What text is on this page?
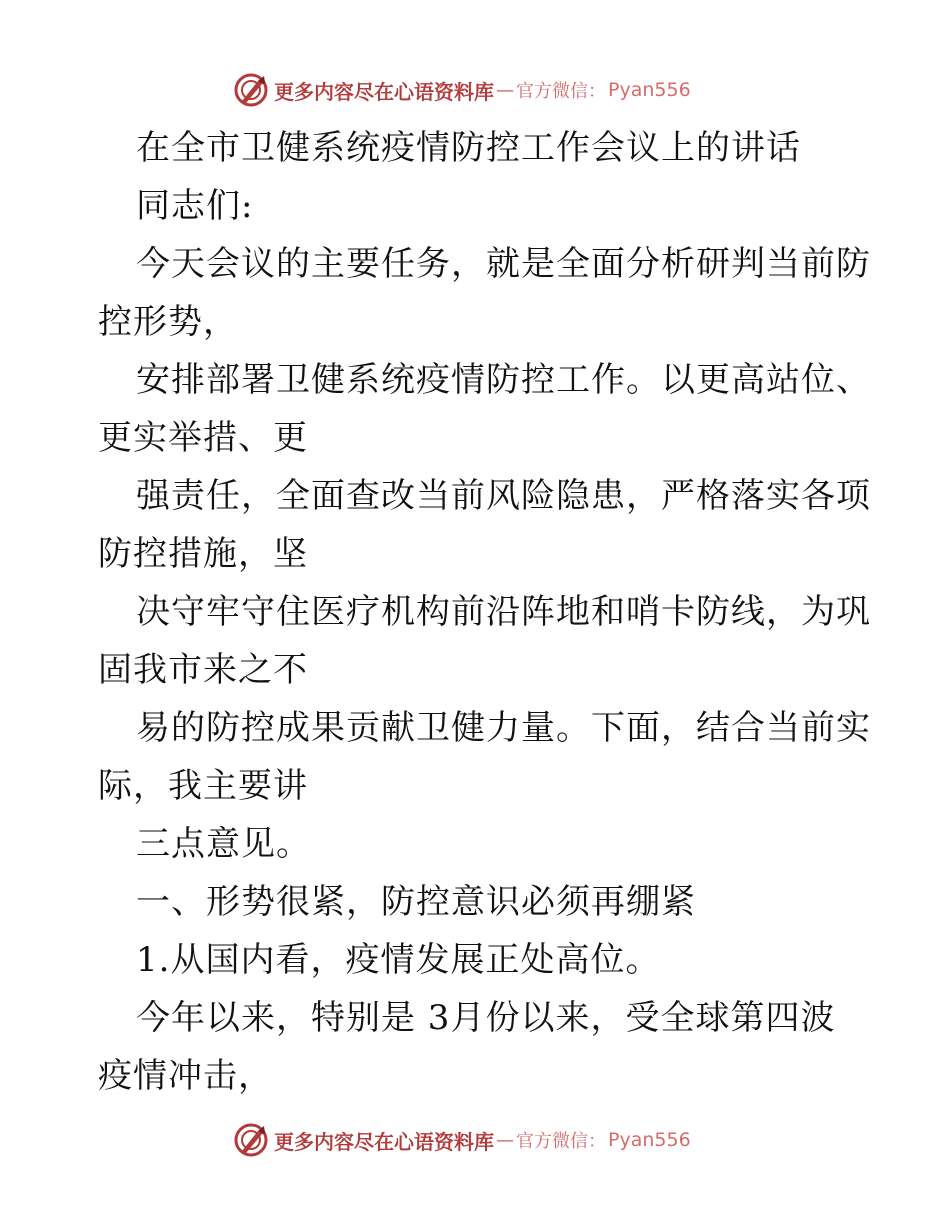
更多内容尽在心语资料库 — 官方微信： Pyan556
在全市卫健系统疫情防控工作会议上的讲话
同志们:
今天会议的主要任务，就是全面分析研判当前防
控形势，
安排部署卫健系统疫情防控工作。以更高站位、
更实举措、更
强责任，全面查改当前风险隐患，严格落实各项
防控措施，坚
决守牢守住医疗机构前沿阵地和哨卡防线，为巩
固我市来之不
易的防控成果贡献卫健力量。下面，结合当前实
际，我主要讲
三点意见。
一、形势很紧，防控意识必须再绷紧
1.从国内看，疫情发展正处高位。
今年以来，特别是 3月份以来，受全球第四波
疫情冲击，
更多内容尽在心语资料库 — 官方微信： Pyan556
